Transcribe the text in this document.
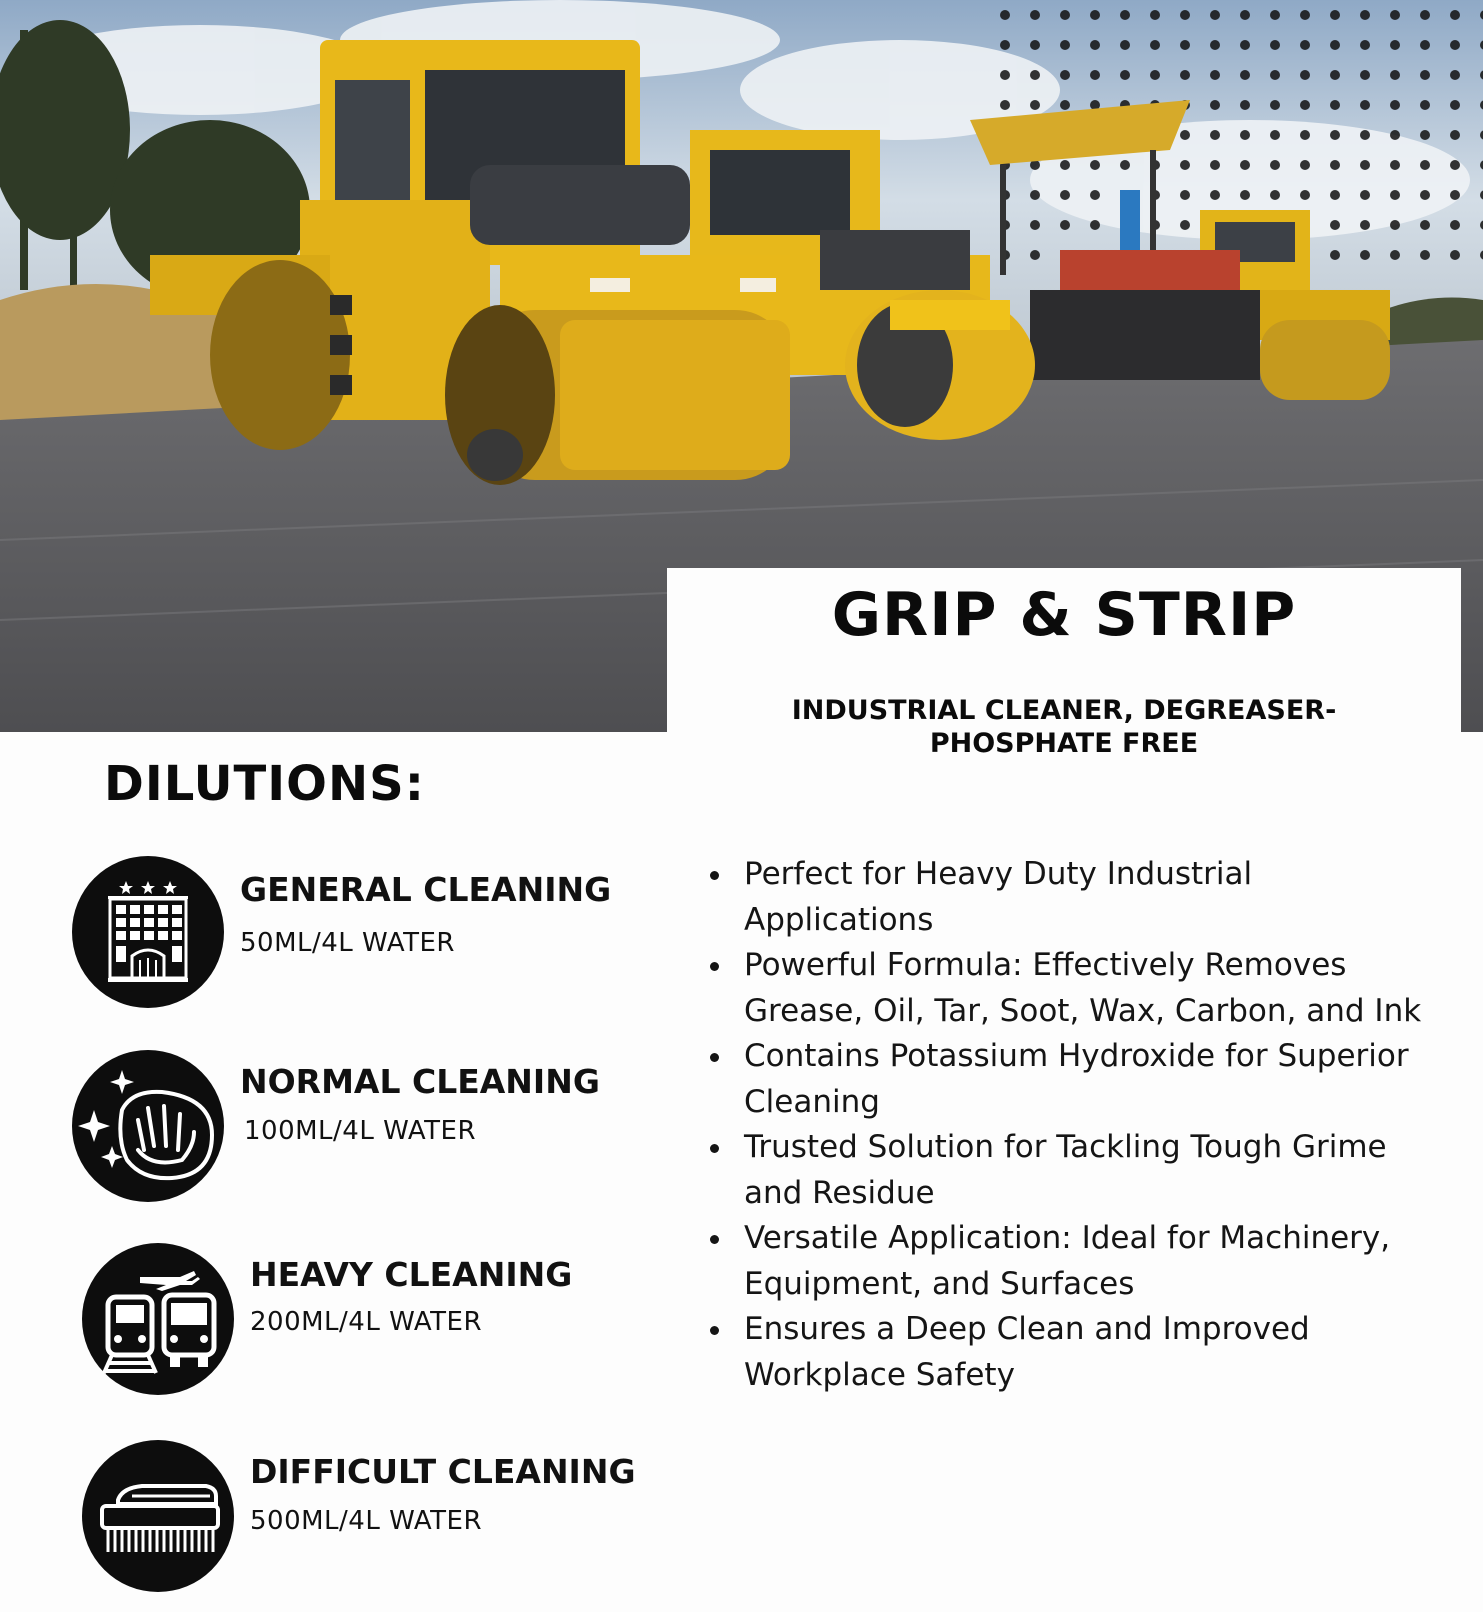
GRIP & STRIP
INDUSTRIAL CLEANER, DEGREASER- PHOSPHATE FREE
DILUTIONS:
GENERAL CLEANING
50ML/4L WATER
NORMAL CLEANING
100ML/4L WATER
HEAVY CLEANING
200ML/4L WATER
DIFFICULT CLEANING
500ML/4L WATER
Perfect for Heavy Duty Industrial Applications
Powerful Formula: Effectively Removes Grease, Oil, Tar, Soot, Wax, Carbon, and Ink
Contains Potassium Hydroxide for Superior Cleaning
Trusted Solution for Tackling Tough Grime and Residue
Versatile Application: Ideal for Machinery, Equipment, and Surfaces
Ensures a Deep Clean and Improved Workplace Safety
